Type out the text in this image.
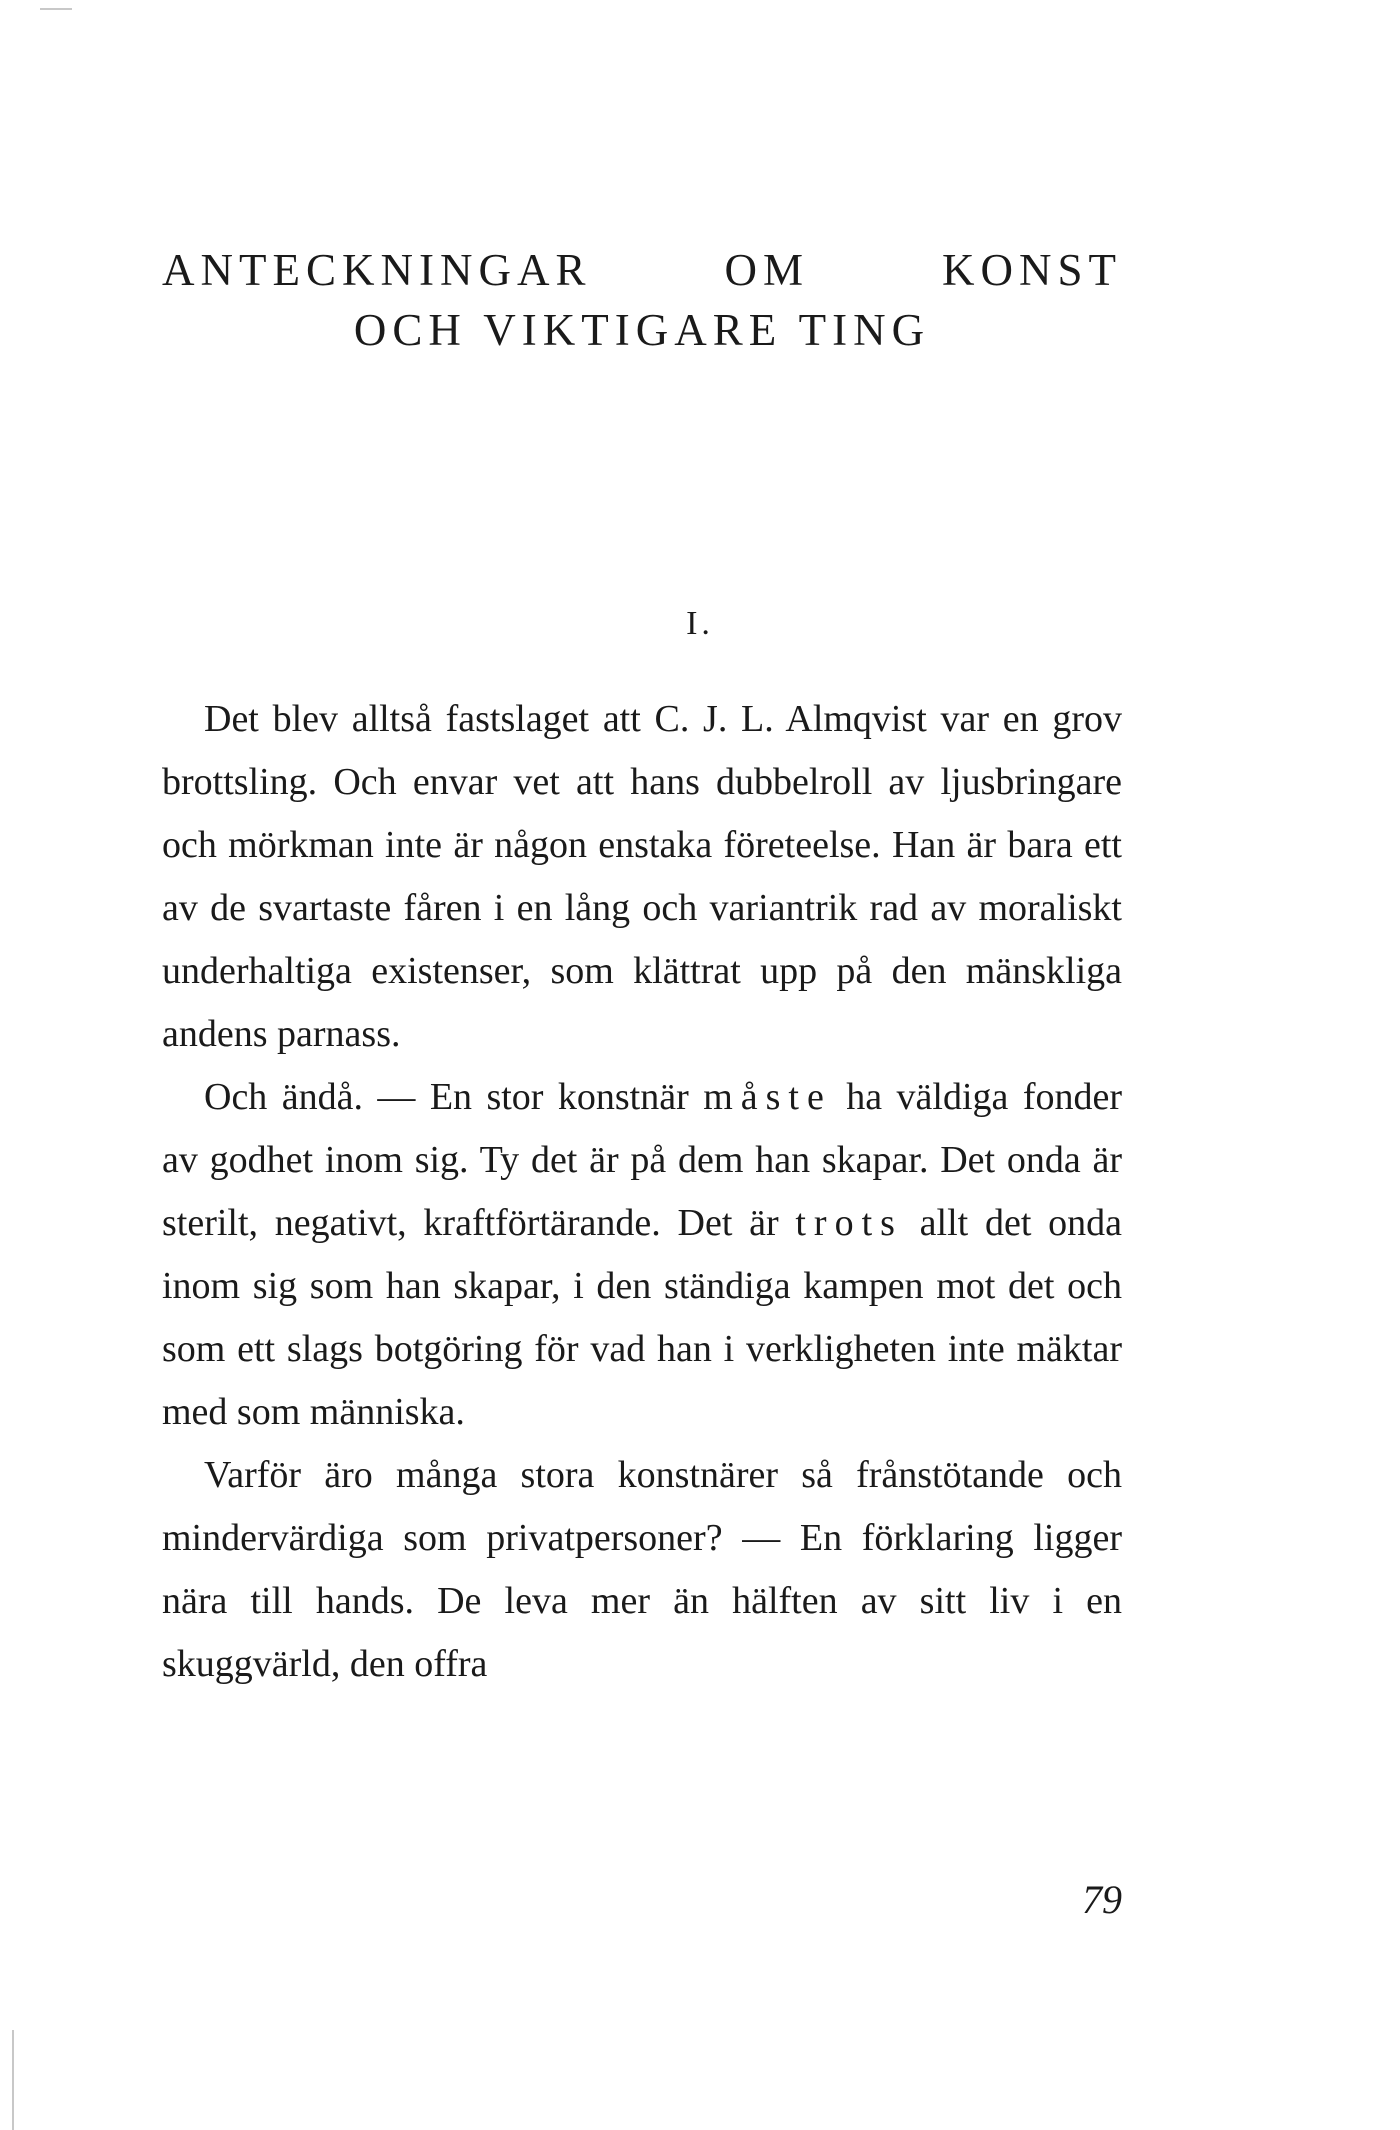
ANTECKNINGAR OM KONST
OCH VIKTIGARE TING
I.

Det blev alltså fastslaget att C. J. L. Almqvist var en grov brottsling. Och envar vet att hans dubbelroll av ljusbringare och mörkman inte är någon enstaka företeelse. Han är bara ett av de svartaste fåren i en lång och variantrik rad av moraliskt underhaltiga existenser, som klättrat upp på den mänskliga andens parnass.

Och ändå. — En stor konstnär måste ha väldiga fonder av godhet inom sig. Ty det är på dem han skapar. Det onda är sterilt, negativt, kraftförtärande. Det är trots allt det onda inom sig som han skapar, i den ständiga kampen mot det och som ett slags botgöring för vad han i verkligheten inte mäktar med som människa.

Varför äro många stora konstnärer så frånstötande och mindervärdiga som privatpersoner? — En förklaring ligger nära till hands. De leva mer än hälften av sitt liv i en skuggvärld, den offra

79
